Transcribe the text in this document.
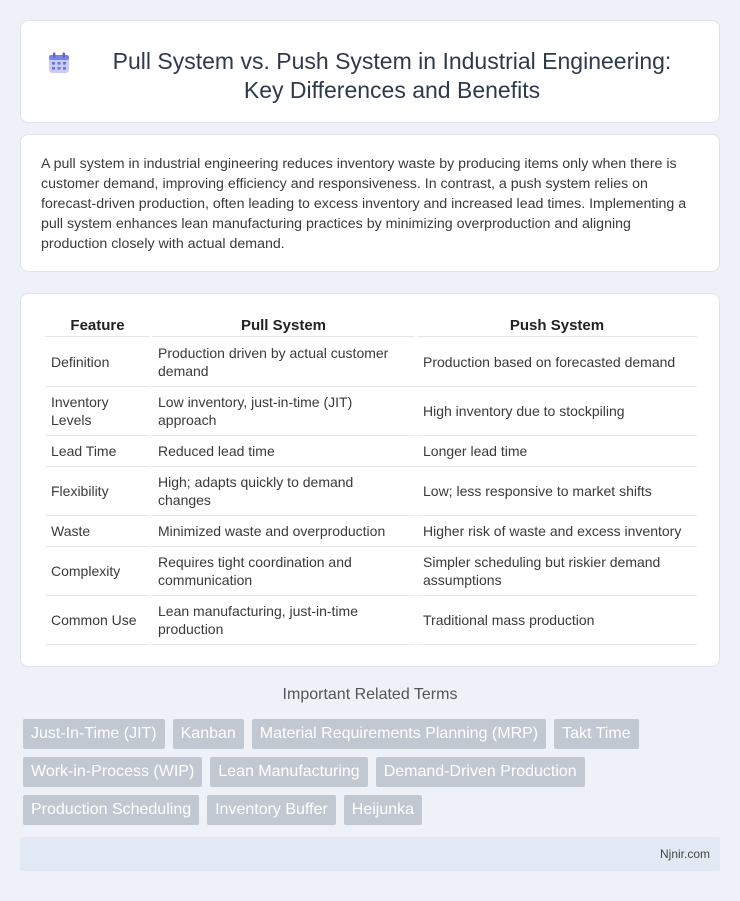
Pull System vs. Push System in Industrial Engineering: Key Differences and Benefits

A pull system in industrial engineering reduces inventory waste by producing items only when there is customer demand, improving efficiency and responsiveness. In contrast, a push system relies on forecast-driven production, often leading to excess inventory and increased lead times. Implementing a pull system enhances lean manufacturing practices by minimizing overproduction and aligning production closely with actual demand.

Feature	Pull System	Push System
Definition	Production driven by actual customer demand	Production based on forecasted demand
Inventory Levels	Low inventory, just-in-time (JIT) approach	High inventory due to stockpiling
Lead Time	Reduced lead time	Longer lead time
Flexibility	High; adapts quickly to demand changes	Low; less responsive to market shifts
Waste	Minimized waste and overproduction	Higher risk of waste and excess inventory
Complexity	Requires tight coordination and communication	Simpler scheduling but riskier demand assumptions
Common Use	Lean manufacturing, just-in-time production	Traditional mass production
Important Related Terms
Just-In-Time (JIT)	Kanban	Material Requirements Planning (MRP)	Takt Time
Work-in-Process (WIP)	Lean Manufacturing	Demand-Driven Production
Production Scheduling	Inventory Buffer	Heijunka
Njnir.com
